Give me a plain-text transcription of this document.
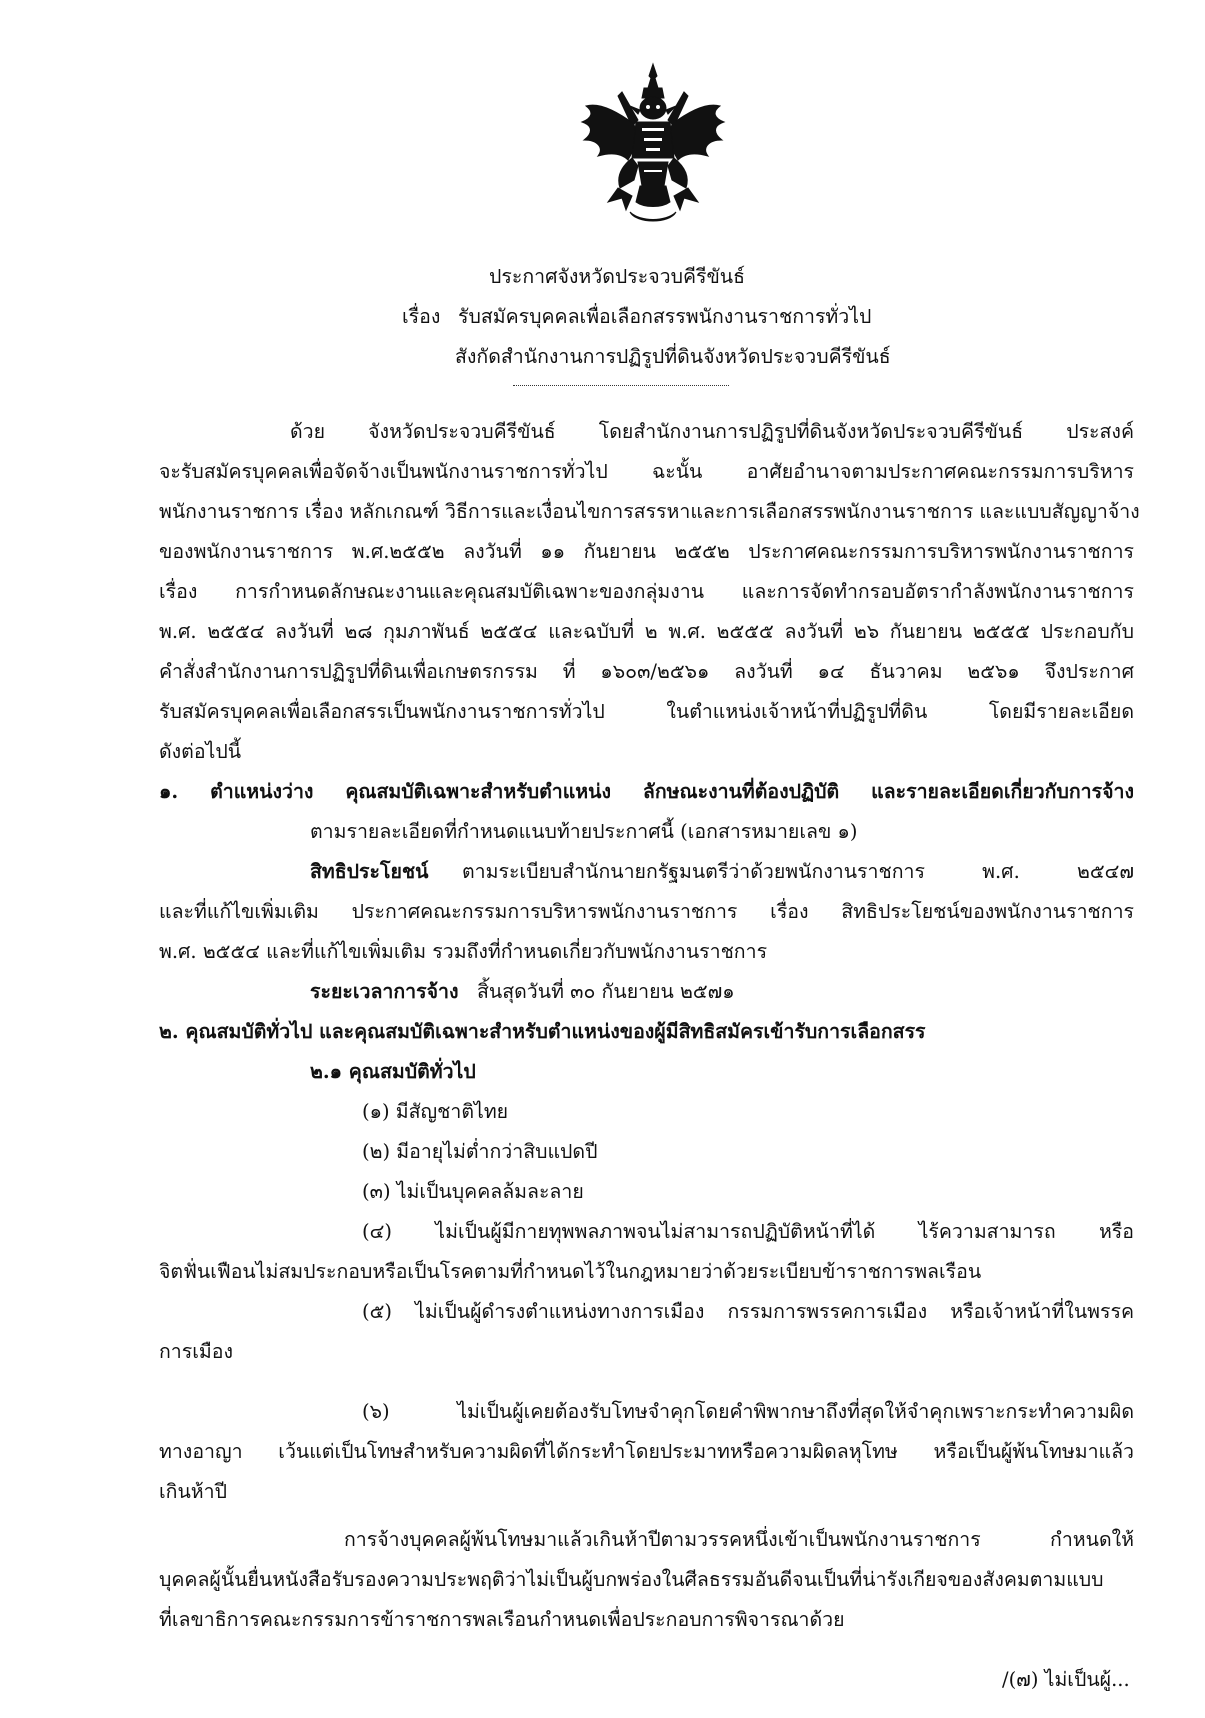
ประกาศจังหวัดประจวบคีรีขันธ์
เรื่อง รับสมัครบุคคลเพื่อเลือกสรรพนักงานราชการทั่วไป
สังกัดสำนักงานการปฏิรูปที่ดินจังหวัดประจวบคีรีขันธ์
ด้วย จังหวัดประจวบคีรีขันธ์ โดยสำนักงานการปฏิรูปที่ดินจังหวัดประจวบคีรีขันธ์ ประสงค์
จะรับสมัครบุคคลเพื่อจัดจ้างเป็นพนักงานราชการทั่วไป ฉะนั้น อาศัยอำนาจตามประกาศคณะกรรมการบริหาร
พนักงานราชการ เรื่อง หลักเกณฑ์ วิธีการและเงื่อนไขการสรรหาและการเลือกสรรพนักงานราชการ และแบบสัญญาจ้าง
ของพนักงานราชการ พ.ศ.๒๕๕๒ ลงวันที่ ๑๑ กันยายน ๒๕๕๒ ประกาศคณะกรรมการบริหารพนักงานราชการ
เรื่อง การกำหนดลักษณะงานและคุณสมบัติเฉพาะของกลุ่มงาน และการจัดทำกรอบอัตรากำลังพนักงานราชการ
พ.ศ. ๒๕๕๔ ลงวันที่ ๒๘ กุมภาพันธ์ ๒๕๕๔ และฉบับที่ ๒ พ.ศ. ๒๕๕๕ ลงวันที่ ๒๖ กันยายน ๒๕๕๕ ประกอบกับ
คำสั่งสำนักงานการปฏิรูปที่ดินเพื่อเกษตรกรรม ที่ ๑๖๐๓/๒๕๖๑ ลงวันที่ ๑๔ ธันวาคม ๒๕๖๑ จึงประกาศ
รับสมัครบุคคลเพื่อเลือกสรรเป็นพนักงานราชการทั่วไป ในตำแหน่งเจ้าหน้าที่ปฏิรูปที่ดิน โดยมีรายละเอียด
ดังต่อไปนี้
๑. ตำแหน่งว่าง คุณสมบัติเฉพาะสำหรับตำแหน่ง ลักษณะงานที่ต้องปฏิบัติ และรายละเอียดเกี่ยวกับการจ้าง
ตามรายละเอียดที่กำหนดแนบท้ายประกาศนี้ (เอกสารหมายเลข ๑)
สิทธิประโยชน์ ตามระเบียบสำนักนายกรัฐมนตรีว่าด้วยพนักงานราชการ พ.ศ. ๒๕๔๗
และที่แก้ไขเพิ่มเติม ประกาศคณะกรรมการบริหารพนักงานราชการ เรื่อง สิทธิประโยชน์ของพนักงานราชการ
พ.ศ. ๒๕๕๔ และที่แก้ไขเพิ่มเติม รวมถึงที่กำหนดเกี่ยวกับพนักงานราชการ
ระยะเวลาการจ้าง สิ้นสุดวันที่ ๓๐ กันยายน ๒๕๗๑
๒. คุณสมบัติทั่วไป และคุณสมบัติเฉพาะสำหรับตำแหน่งของผู้มีสิทธิสมัครเข้ารับการเลือกสรร
๒.๑ คุณสมบัติทั่วไป
(๑) มีสัญชาติไทย
(๒) มีอายุไม่ต่ำกว่าสิบแปดปี
(๓) ไม่เป็นบุคคลล้มละลาย
(๔) ไม่เป็นผู้มีกายทุพพลภาพจนไม่สามารถปฏิบัติหน้าที่ได้ ไร้ความสามารถ หรือ
จิตฟั่นเฟือนไม่สมประกอบหรือเป็นโรคตามที่กำหนดไว้ในกฎหมายว่าด้วยระเบียบข้าราชการพลเรือน
(๕) ไม่เป็นผู้ดำรงตำแหน่งทางการเมือง กรรมการพรรคการเมือง หรือเจ้าหน้าที่ในพรรค
การเมือง
(๖) ไม่เป็นผู้เคยต้องรับโทษจำคุกโดยคำพิพากษาถึงที่สุดให้จำคุกเพราะกระทำความผิด
ทางอาญา เว้นแต่เป็นโทษสำหรับความผิดที่ได้กระทำโดยประมาทหรือความผิดลหุโทษ หรือเป็นผู้พ้นโทษมาแล้ว
เกินห้าปี
การจ้างบุคคลผู้พ้นโทษมาแล้วเกินห้าปีตามวรรคหนึ่งเข้าเป็นพนักงานราชการ กำหนดให้
บุคคลผู้นั้นยื่นหนังสือรับรองความประพฤติว่าไม่เป็นผู้บกพร่องในศีลธรรมอันดีจนเป็นที่น่ารังเกียจของสังคมตามแบบ
ที่เลขาธิการคณะกรรมการข้าราชการพลเรือนกำหนดเพื่อประกอบการพิจารณาด้วย
/(๗) ไม่เป็นผู้...
